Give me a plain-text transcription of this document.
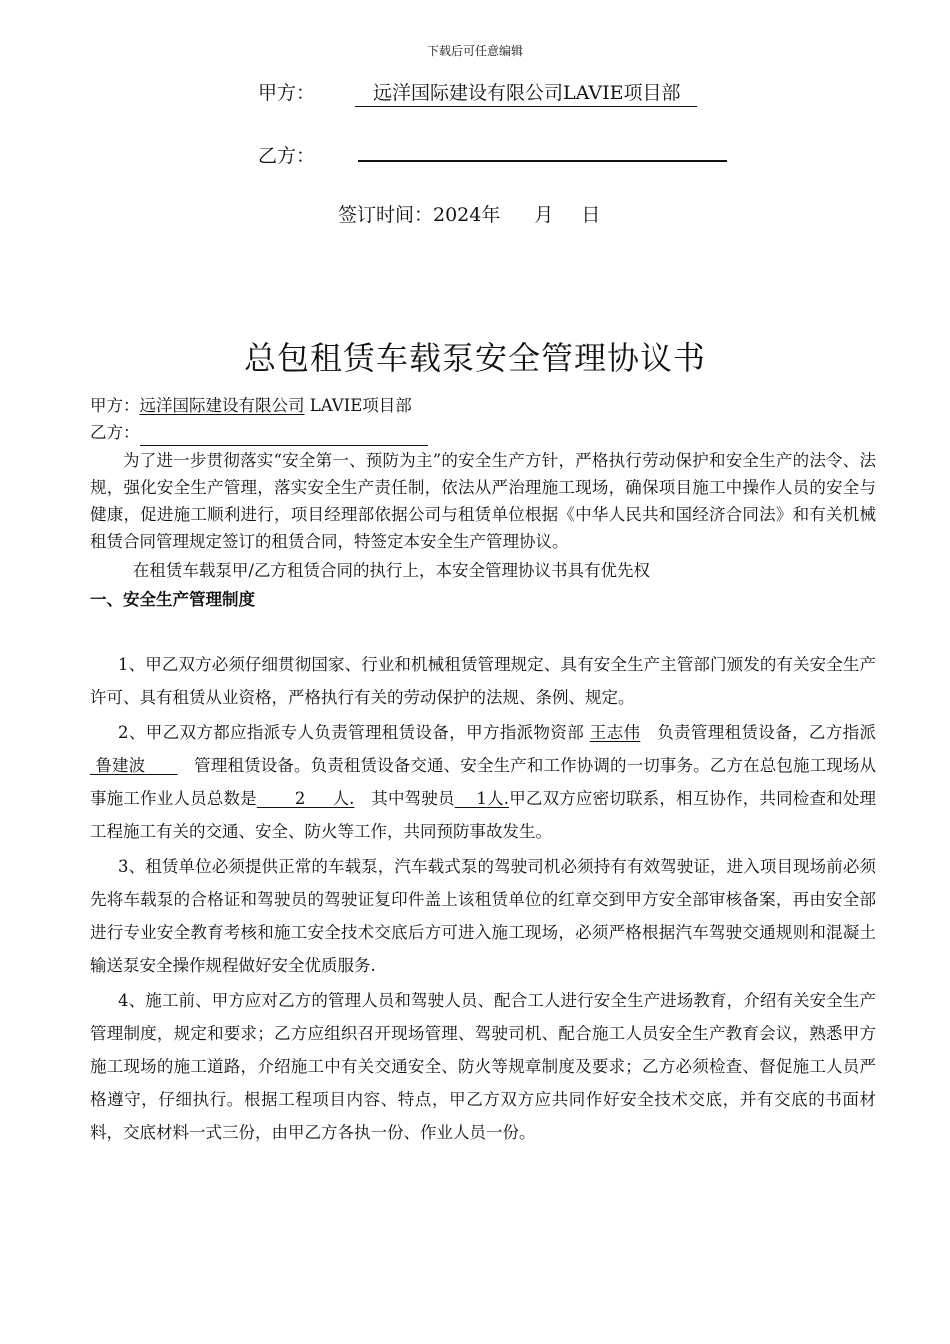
下载后可任意编辑
甲方：	远洋国际建设有限公司LAVIE项目部
乙方：
签订时间：2024年 月 日
总包租赁车载泵安全管理协议书
甲方：远洋国际建设有限公司 LAVIE项目部
乙方：

为了进一步贯彻落实“安全第一、预防为主”的安全生产方针，严格执行劳动保护和安全生产的法令、法规，强化安全生产管理，落实安全生产责任制，依法从严治理施工现场，确保项目施工中操作人员的安全与健康，促进施工顺利进行，项目经理部依据公司与租赁单位根据《中华人民共和国经济合同法》和有关机械租赁合同管理规定签订的租赁合同，特签定本安全生产管理协议。

在租赁车载泵甲/乙方租赁合同的执行上，本安全管理协议书具有优先权

一、安全生产管理制度

1、甲乙双方必须仔细贯彻国家、行业和机械租赁管理规定、具有安全生产主管部门颁发的有关安全生产许可、具有租赁从业资格，严格执行有关的劳动保护的法规、条例、规定。

2、甲乙双方都应指派专人负责管理租赁设备，甲方指派物资部 王志伟　负责管理租赁设备，乙方指派  鲁建波      　管理租赁设备。负责租赁设备交通、安全生产和工作协调的一切事务。乙方在总包施工现场从事施工作业人员总数是       2     人.　其中驾驶员    1人.甲乙双方应密切联系，相互协作，共同检查和处理工程施工有关的交通、安全、防火等工作，共同预防事故发生。

3、租赁单位必须提供正常的车载泵，汽车载式泵的驾驶司机必须持有有效驾驶证，进入项目现场前必须先将车载泵的合格证和驾驶员的驾驶证复印件盖上该租赁单位的红章交到甲方安全部审核备案，再由安全部进行专业安全教育考核和施工安全技术交底后方可进入施工现场，必须严格根据汽车驾驶交通规则和混凝土输送泵安全操作规程做好安全优质服务.

4、施工前、甲方应对乙方的管理人员和驾驶人员、配合工人进行安全生产进场教育，介绍有关安全生产管理制度，规定和要求；乙方应组织召开现场管理、驾驶司机、配合施工人员安全生产教育会议，熟悉甲方施工现场的施工道路，介绍施工中有关交通安全、防火等规章制度及要求；乙方必须检查、督促施工人员严格遵守，仔细执行。根据工程项目内容、特点，甲乙方双方应共同作好安全技术交底，并有交底的书面材料，交底材料一式三份，由甲乙方各执一份、作业人员一份。
